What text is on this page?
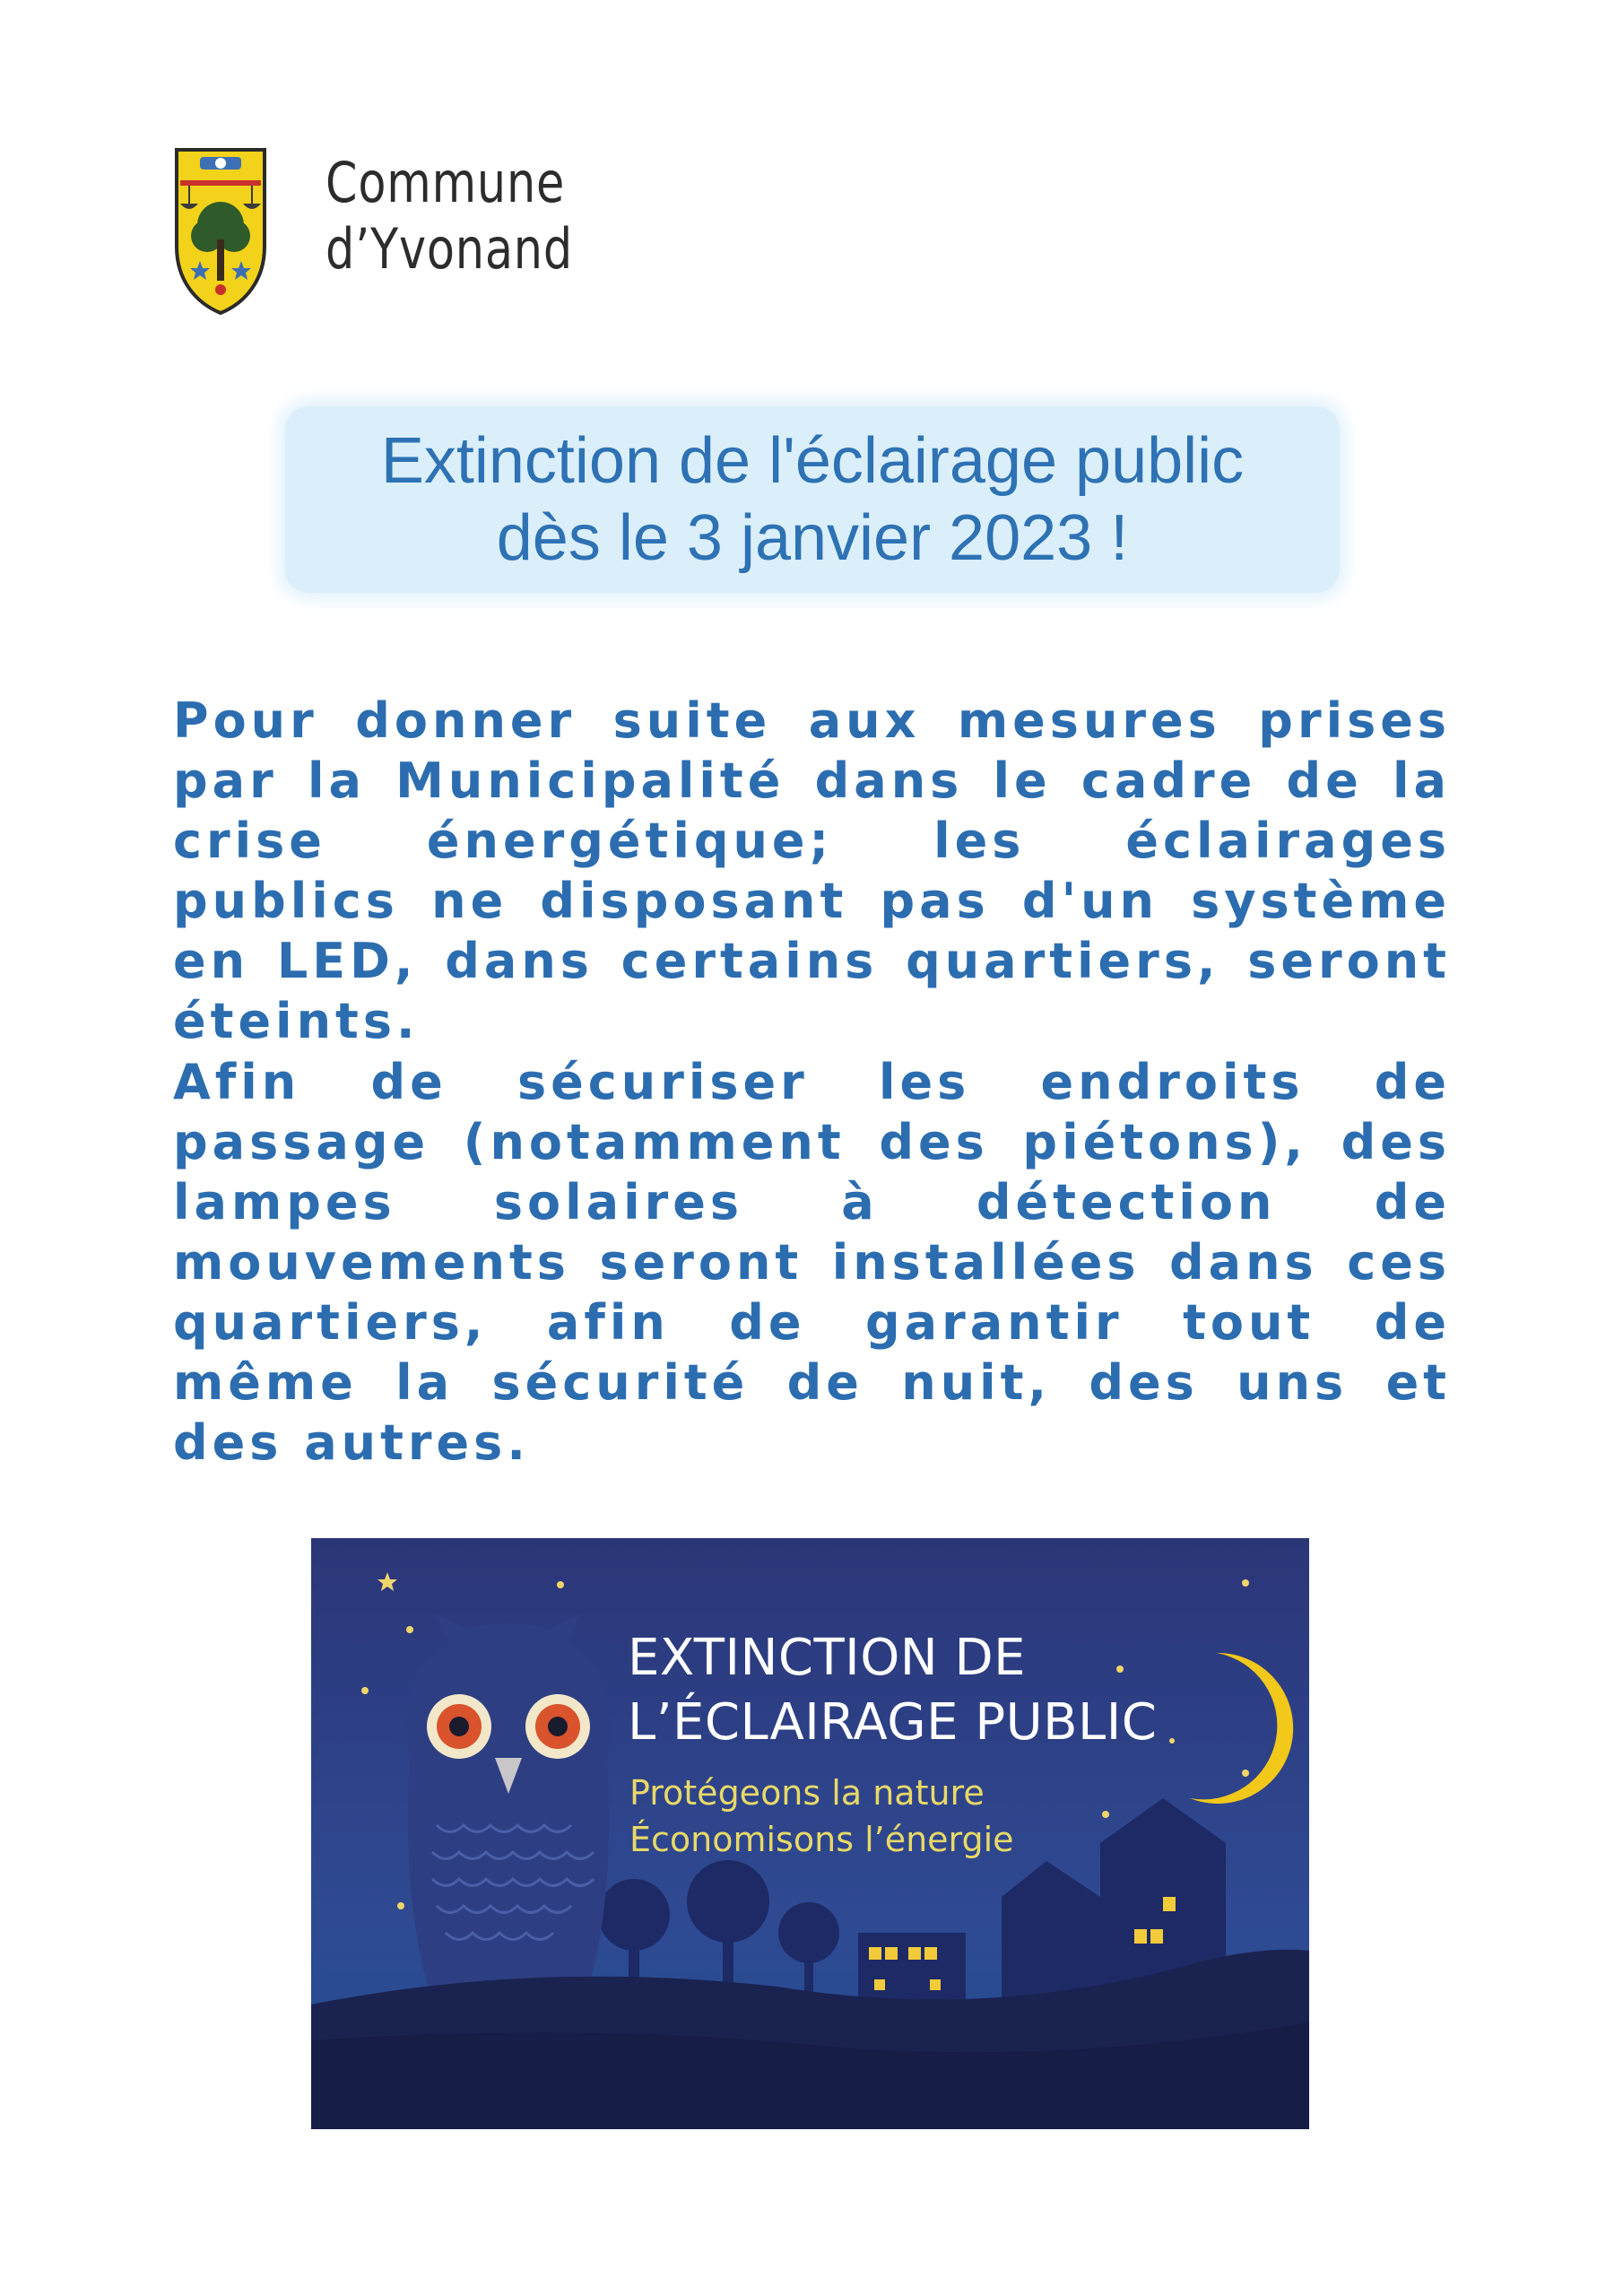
Commune
d’Yvonand
Extinction de l'éclairage public
dès le 3 janvier 2023 !
Pour donner suite aux mesures prises par la Municipalité dans le cadre de la crise énergétique; les éclairages publics ne disposant pas d'un système en LED, dans certains quartiers, seront éteints.
Afin de sécuriser les endroits de passage (notamment des piétons), des lampes solaires à détection de mouvements seront installées dans ces quartiers, afin de garantir tout de même la sécurité de nuit, des uns et des autres.
EXTINCTION DE
L’ÉCLAIRAGE PUBLIC
Protégeons la nature
Économisons l’énergie
